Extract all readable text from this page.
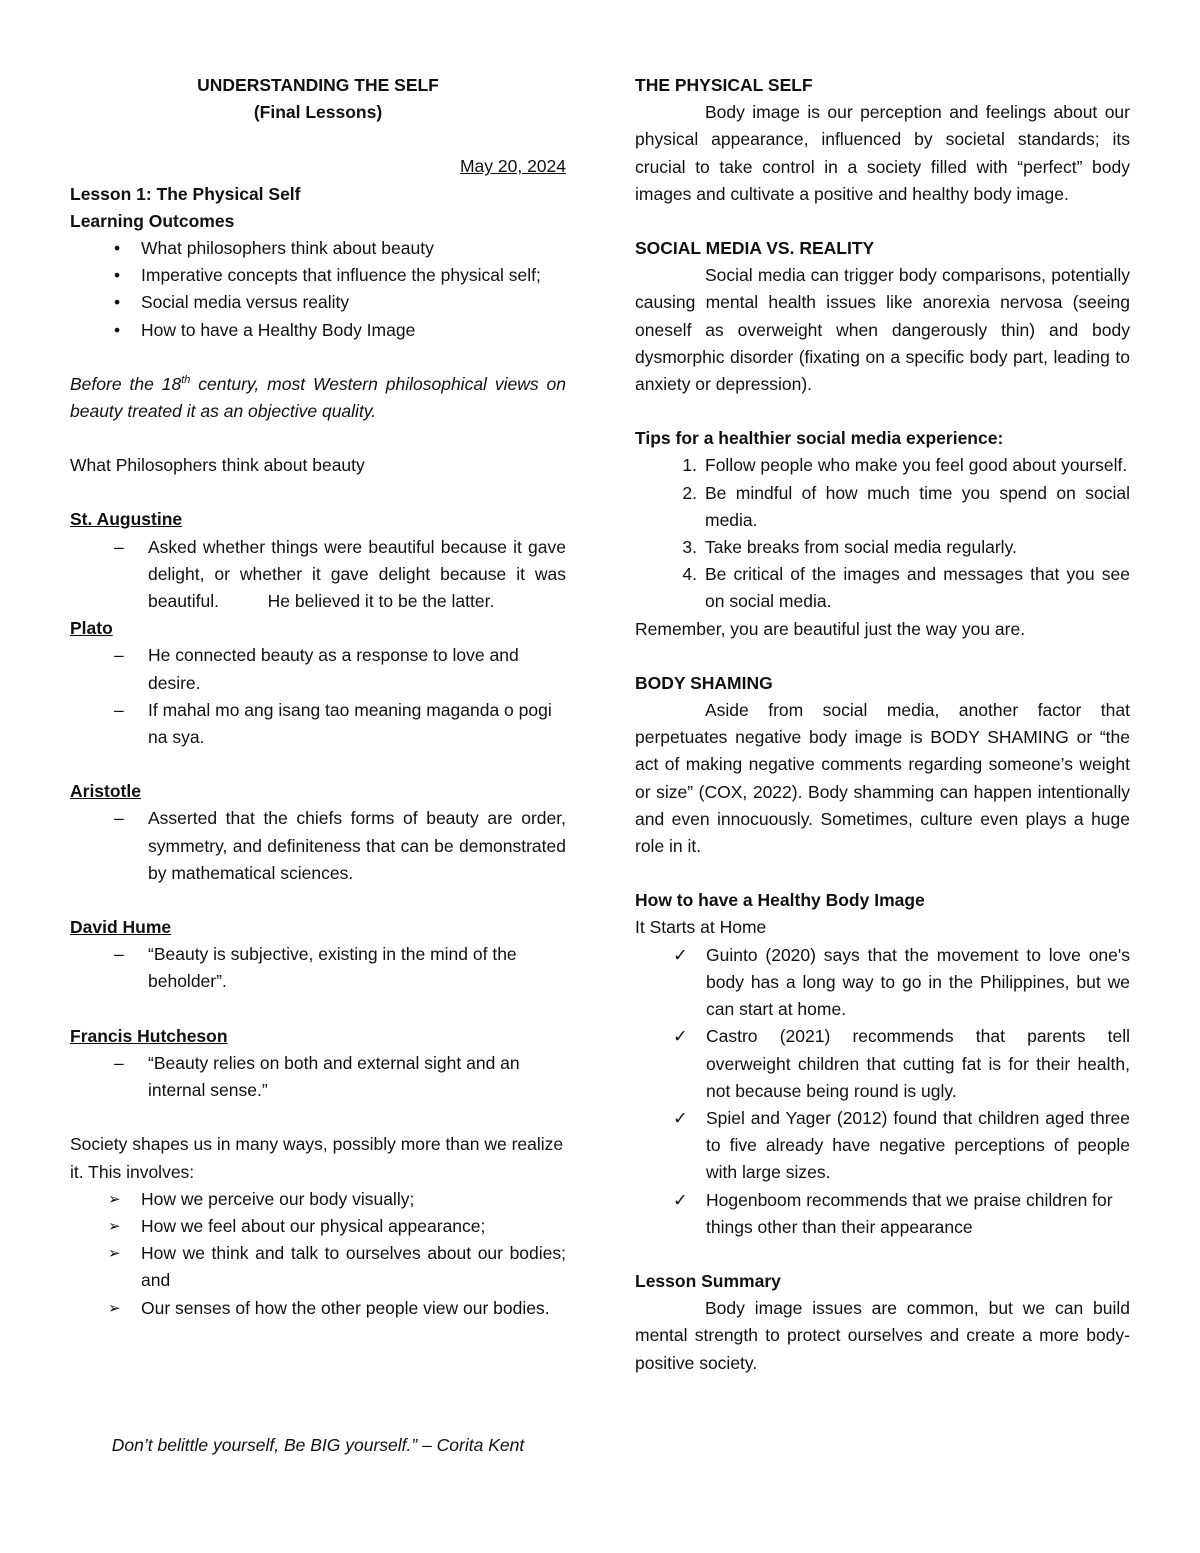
UNDERSTANDING THE SELF
(Final Lessons)
May 20, 2024
Lesson 1: The Physical Self
Learning Outcomes
• What philosophers think about beauty
• Imperative concepts that influence the physical self;
• Social media versus reality
• How to have a Healthy Body Image
Before the 18th century, most Western philosophical views on beauty treated it as an objective quality.
What Philosophers think about beauty
St. Augustine
– Asked whether things were beautiful because it gave delight, or whether it gave delight because it was beautiful.          He believed it to be the latter.
Plato
– He connected beauty as a response to love and desire.
– If mahal mo ang isang tao meaning maganda o pogi na sya.
Aristotle
– Asserted that the chiefs forms of beauty are order, symmetry, and definiteness that can be demonstrated by mathematical sciences.
David Hume
– “Beauty is subjective, existing in the mind of the beholder”.
Francis Hutcheson
– “Beauty relies on both and external sight and an internal sense.”
Society shapes us in many ways, possibly more than we realize it. This involves:
➢ How we perceive our body visually;
➢ How we feel about our physical appearance;
➢ How we think and talk to ourselves about our bodies; and
➢ Our senses of how the other people view our bodies.
Don’t belittle yourself, Be BIG yourself.” – Corita Kent
THE PHYSICAL SELF
Body image is our perception and feelings about our physical appearance, influenced by societal standards; its crucial to take control in a society filled with “perfect” body images and cultivate a positive and healthy body image.
SOCIAL MEDIA VS. REALITY
Social media can trigger body comparisons, potentially causing mental health issues like anorexia nervosa (seeing oneself as overweight when dangerously thin) and body dysmorphic disorder (fixating on a specific body part, leading to anxiety or depression).
Tips for a healthier social media experience:
1. Follow people who make you feel good about yourself.
2. Be mindful of how much time you spend on social media.
3. Take breaks from social media regularly.
4. Be critical of the images and messages that you see on social media.
Remember, you are beautiful just the way you are.
BODY SHAMING
Aside from social media, another factor that perpetuates negative body image is BODY SHAMING or “the act of making negative comments regarding someone’s weight or size” (COX, 2022). Body shamming can happen intentionally and even innocuously. Sometimes, culture even plays a huge role in it.
How to have a Healthy Body Image
It Starts at Home
✓ Guinto (2020) says that the movement to love one's body has a long way to go in the Philippines, but we can start at home.
✓ Castro (2021) recommends that parents tell overweight children that cutting fat is for their health, not because being round is ugly.
✓ Spiel and Yager (2012) found that children aged three to five already have negative perceptions of people with large sizes.
✓ Hogenboom recommends that we praise children for things other than their appearance
Lesson Summary
Body image issues are common, but we can build mental strength to protect ourselves and create a more body-positive society.
